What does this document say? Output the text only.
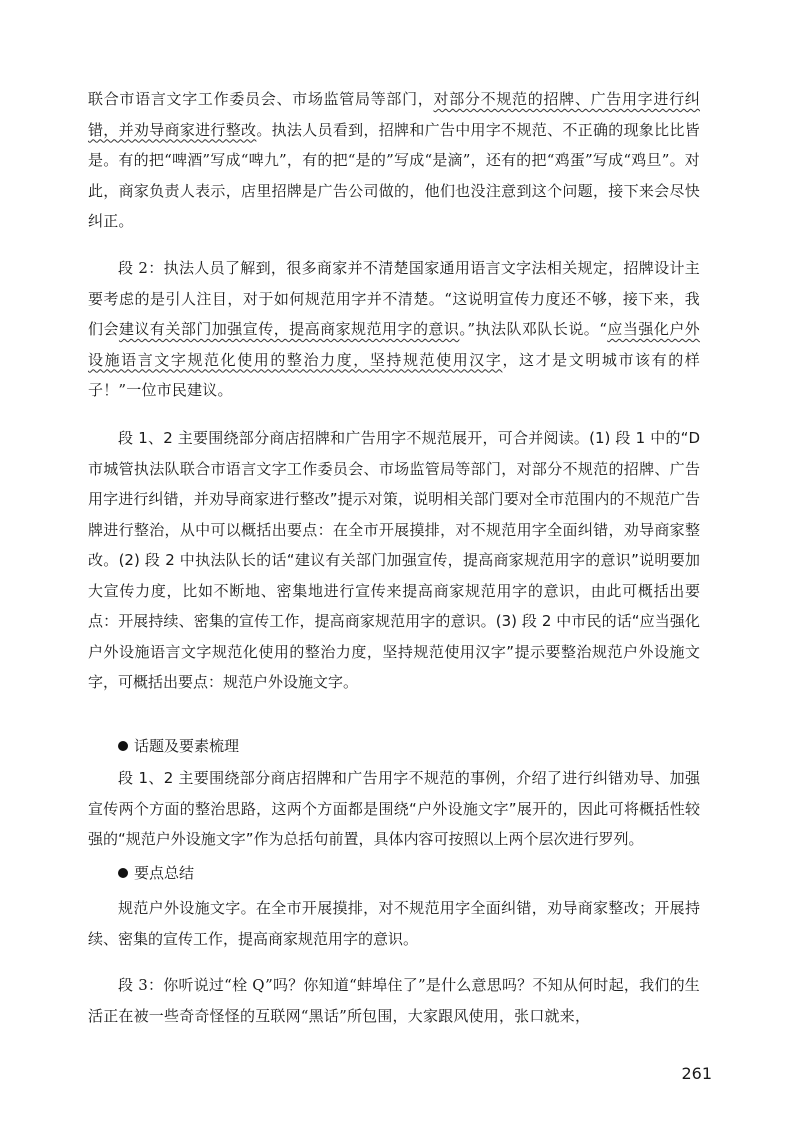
联合市语言文字工作委员会、市场监管局等部门，对部分不规范的招牌、广告用字进行纠错，并劝导商家进行整改。执法人员看到，招牌和广告中用字不规范、不正确的现象比比皆是。有的把“啤酒”写成“啤九”，有的把“是的”写成“是滴”，还有的把“鸡蛋”写成“鸡旦”。对此，商家负责人表示，店里招牌是广告公司做的，他们也没注意到这个问题，接下来会尽快纠正。

段 2：执法人员了解到，很多商家并不清楚国家通用语言文字法相关规定，招牌设计主要考虑的是引人注目，对于如何规范用字并不清楚。“这说明宣传力度还不够，接下来，我们会建议有关部门加强宣传，提高商家规范用字的意识。”执法队邓队长说。“应当强化户外设施语言文字规范化使用的整治力度，坚持规范使用汉字，这才是文明城市该有的样子！”一位市民建议。

段 1、2 主要围绕部分商店招牌和广告用字不规范展开，可合并阅读。(1) 段 1 中的“D 市城管执法队联合市语言文字工作委员会、市场监管局等部门，对部分不规范的招牌、广告用字进行纠错，并劝导商家进行整改”提示对策，说明相关部门要对全市范围内的不规范广告牌进行整治，从中可以概括出要点：在全市开展摸排，对不规范用字全面纠错，劝导商家整改。(2) 段 2 中执法队长的话“建议有关部门加强宣传，提高商家规范用字的意识”说明要加大宣传力度，比如不断地、密集地进行宣传来提高商家规范用字的意识，由此可概括出要点：开展持续、密集的宣传工作，提高商家规范用字的意识。(3) 段 2 中市民的话“应当强化户外设施语言文字规范化使用的整治力度，坚持规范使用汉字”提示要整治规范户外设施文字，可概括出要点：规范户外设施文字。

话题及要素梳理

段 1、2 主要围绕部分商店招牌和广告用字不规范的事例，介绍了进行纠错劝导、加强宣传两个方面的整治思路，这两个方面都是围绕“户外设施文字”展开的，因此可将概括性较强的“规范户外设施文字”作为总括句前置，具体内容可按照以上两个层次进行罗列。

要点总结

规范户外设施文字。在全市开展摸排，对不规范用字全面纠错，劝导商家整改；开展持续、密集的宣传工作，提高商家规范用字的意识。

段 3：你听说过“栓 Q”吗？你知道“蚌埠住了”是什么意思吗？不知从何时起，我们的生活正在被一些奇奇怪怪的互联网“黑话”所包围，大家跟风使用，张口就来，

261
